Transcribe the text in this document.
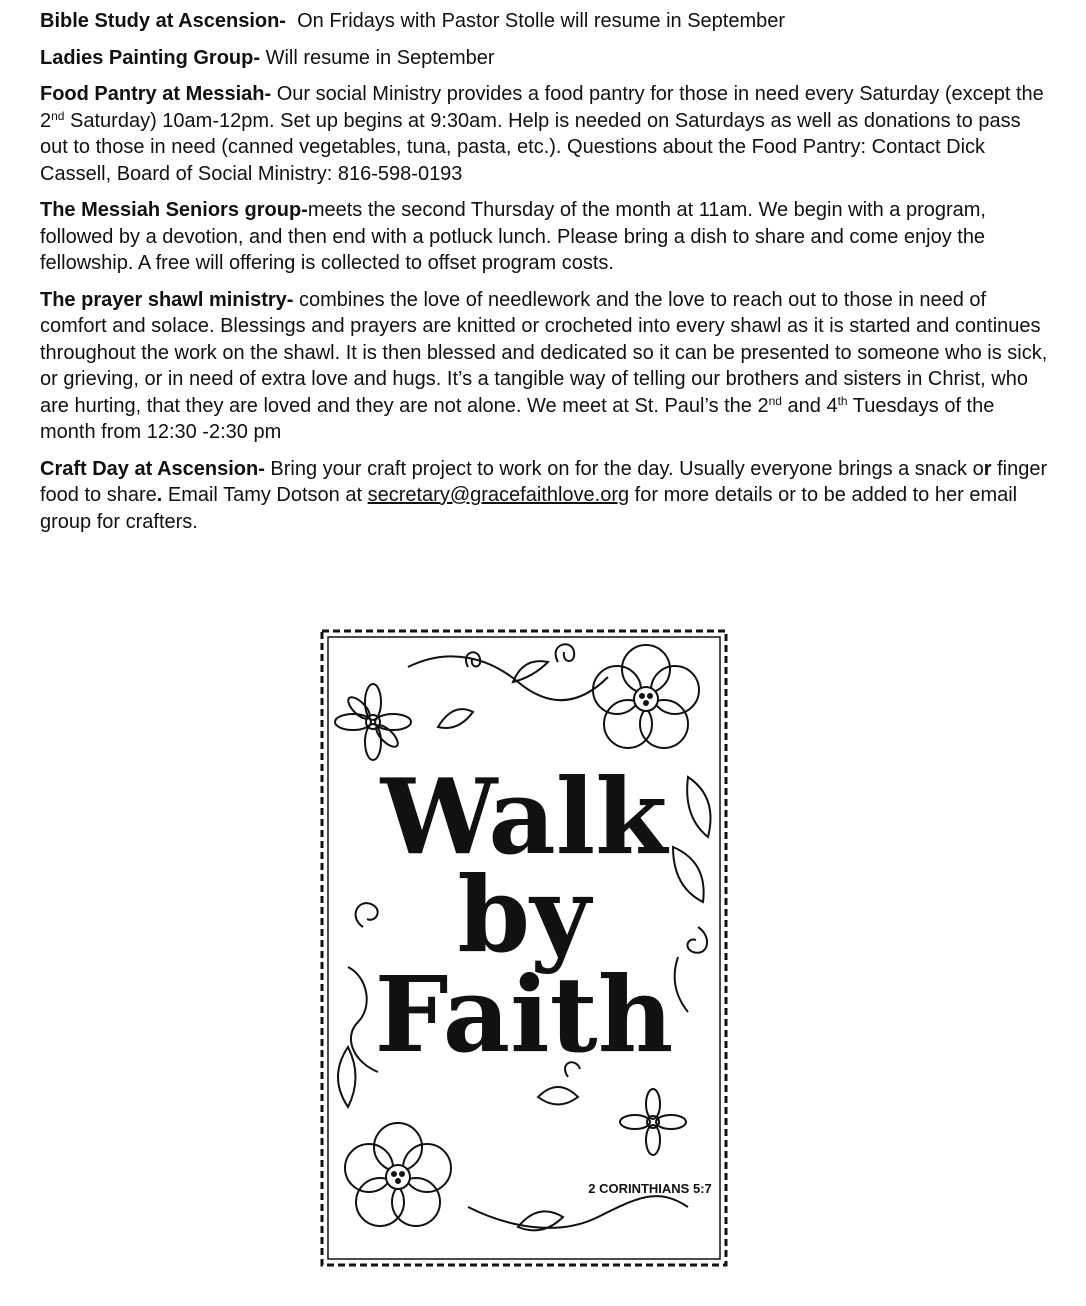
Bible Study at Ascension-  On Fridays with Pastor Stolle will resume in September

Ladies Painting Group- Will resume in September

Food Pantry at Messiah- Our social Ministry provides a food pantry for those in need every Saturday (except the 2nd Saturday) 10am-12pm. Set up begins at 9:30am. Help is needed on Saturdays as well as donations to pass out to those in need (canned vegetables, tuna, pasta, etc.). Questions about the Food Pantry: Contact Dick Cassell, Board of Social Ministry: 816-598-0193

The Messiah Seniors group-meets the second Thursday of the month at 11am. We begin with a program, followed by a devotion, and then end with a potluck lunch. Please bring a dish to share and come enjoy the fellowship. A free will offering is collected to offset program costs.

The prayer shawl ministry- combines the love of needlework and the love to reach out to those in need of comfort and solace. Blessings and prayers are knitted or crocheted into every shawl as it is started and continues throughout the work on the shawl. It is then blessed and dedicated so it can be presented to someone who is sick, or grieving, or in need of extra love and hugs. It’s a tangible way of telling our brothers and sisters in Christ, who are hurting, that they are loved and they are not alone. We meet at St. Paul’s the 2nd and 4th Tuesdays of the month from 12:30 -2:30 pm

Craft Day at Ascension- Bring your craft project to work on for the day. Usually everyone brings a snack or finger food to share. Email Tamy Dotson at secretary@gracefaithlove.org for more details or to be added to her email group for crafters.

Walk
by
Faith
2 CORINTHIANS 5:7
